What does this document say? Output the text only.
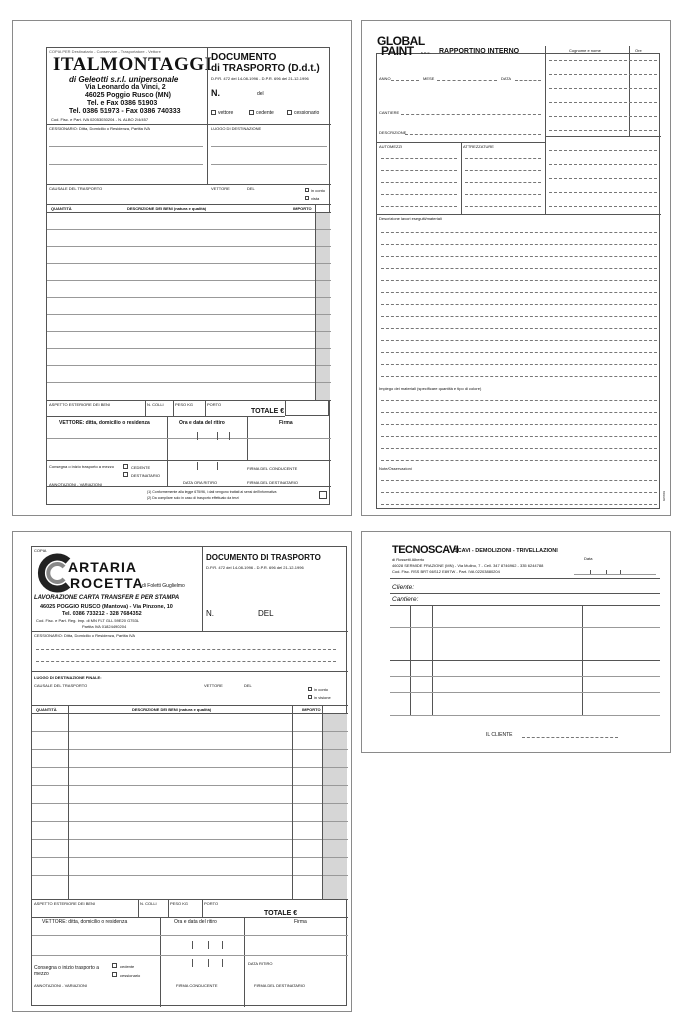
COPIA PER Destinatario - Conservare - Trasportatore - Vettore
ITALMONTAGGI
di Geleotti s.r.l. unipersonale
Via Leonardo da Vinci, 2
46025 Poggio Rusco (MN)
Tel. e Fax 0386 51903
Tel. 0386 51973 - Fax 0386 740333
Cod. Fisc. e Part. IVA 02053030204 - N. ALBO 2/4/457
DOCUMENTO
di TRASPORTO (D.d.t.)
D.P.R. 472 del 14-08-1996 - D.P.R. 696 del 21-12-1996
N.	del
vettore	cedente	cessionario
CESSIONARIO: Ditta, Domicilio o Residenza, Partita IVA	LUOGO DI DESTINAZIONE
CAUSALE DEL TRASPORTO	VETTORE	DEL	in conto
vista
QUANTITÀ	DESCRIZIONE DEI BENI (natura e qualità)	IMPORTO
ASPETTO ESTERIORE DEI BENI	N. COLLI	PESO KG	PORTO
TOTALE €
VETTORE: ditta, domicilio o residenza	Ora e data del ritiro	Firma
Consegna o inizio trasporto a mezzo	CEDENTE
DESTINATARIO
ANNOTAZIONI - VARIAZIONI	DATA ORA RITIRO
FIRMA DEL CONDUCENTE
FIRMA DEL DESTINATARIO
(1) Conformemente alla legge 675/96, i dati vengono trattati ai sensi dell'informativa
(2) Da compilare solo in caso di trasporto effettuato da terzi
GLOBAL
PAINT s.n.c. RAPPORTINO INTERNO	Cognome e nome	Ore
ANNO	MESE	DATA
CANTIERE
DESCRIZIONE
AUTOMEZZI	ATTREZZATURE
Descrizione lavori eseguiti/materiali
Impiego dei materiali (specificare quantità e tipo di colore)
Note/Osservazioni
GP/001
COPIA
ARTARIA
ROCETTA
di Foletti Guglielmo
LAVORAZIONE CARTA TRANSFER E PER STAMPA
46025 POGGIO RUSCO (Mantova) - Via Pinzone, 10
Tel. 0386 733212 - 328 7684352
Cod. Fisc. e Part. Reg. Imp. di MN FLT GLL 59E20 G753L
Partita IVA 01824490204
DOCUMENTO DI TRASPORTO
D.P.R. 472 del 14-08-1996 - D.P.R. 696 del 21-12-1996
N.	DEL
CESSIONARIO: Ditta, Domicilio o Residenza, Partita IVA
LUOGO DI DESTINAZIONE FINALE:
CAUSALE DEL TRASPORTO	VETTORE	DEL
in conto
in visione
QUANTITÀ	DESCRIZIONE DEI BENI (natura e qualità)	IMPORTO
ASPETTO ESTERIORE DEI BENI	N. COLLI	PESO KG	PORTO
TOTALE €
VETTORE: ditta, domicilio o residenza	Ora e data del ritiro	Firma
Consegna o inizio trasporto a mezzo
cedente
cessionario
ANNOTAZIONI - VARIAZIONI
DATA RITIRO
FIRMA CONDUCENTE	FIRMA DEL DESTINATARIO
TECNOSCAVI
SCAVI - DEMOLIZIONI - TRIVELLAZIONI
di Rossetti Alberto
46028 SERMIDE FRAZIONE (MN) - Via Mulino, 7 - Cell. 347 8746962 - 335 6244788
Cod. Fisc. RSS BRT 66S12 E897W - Part. IVA 02203880204
Data
Cliente:
Cantiere:
IL CLIENTE
